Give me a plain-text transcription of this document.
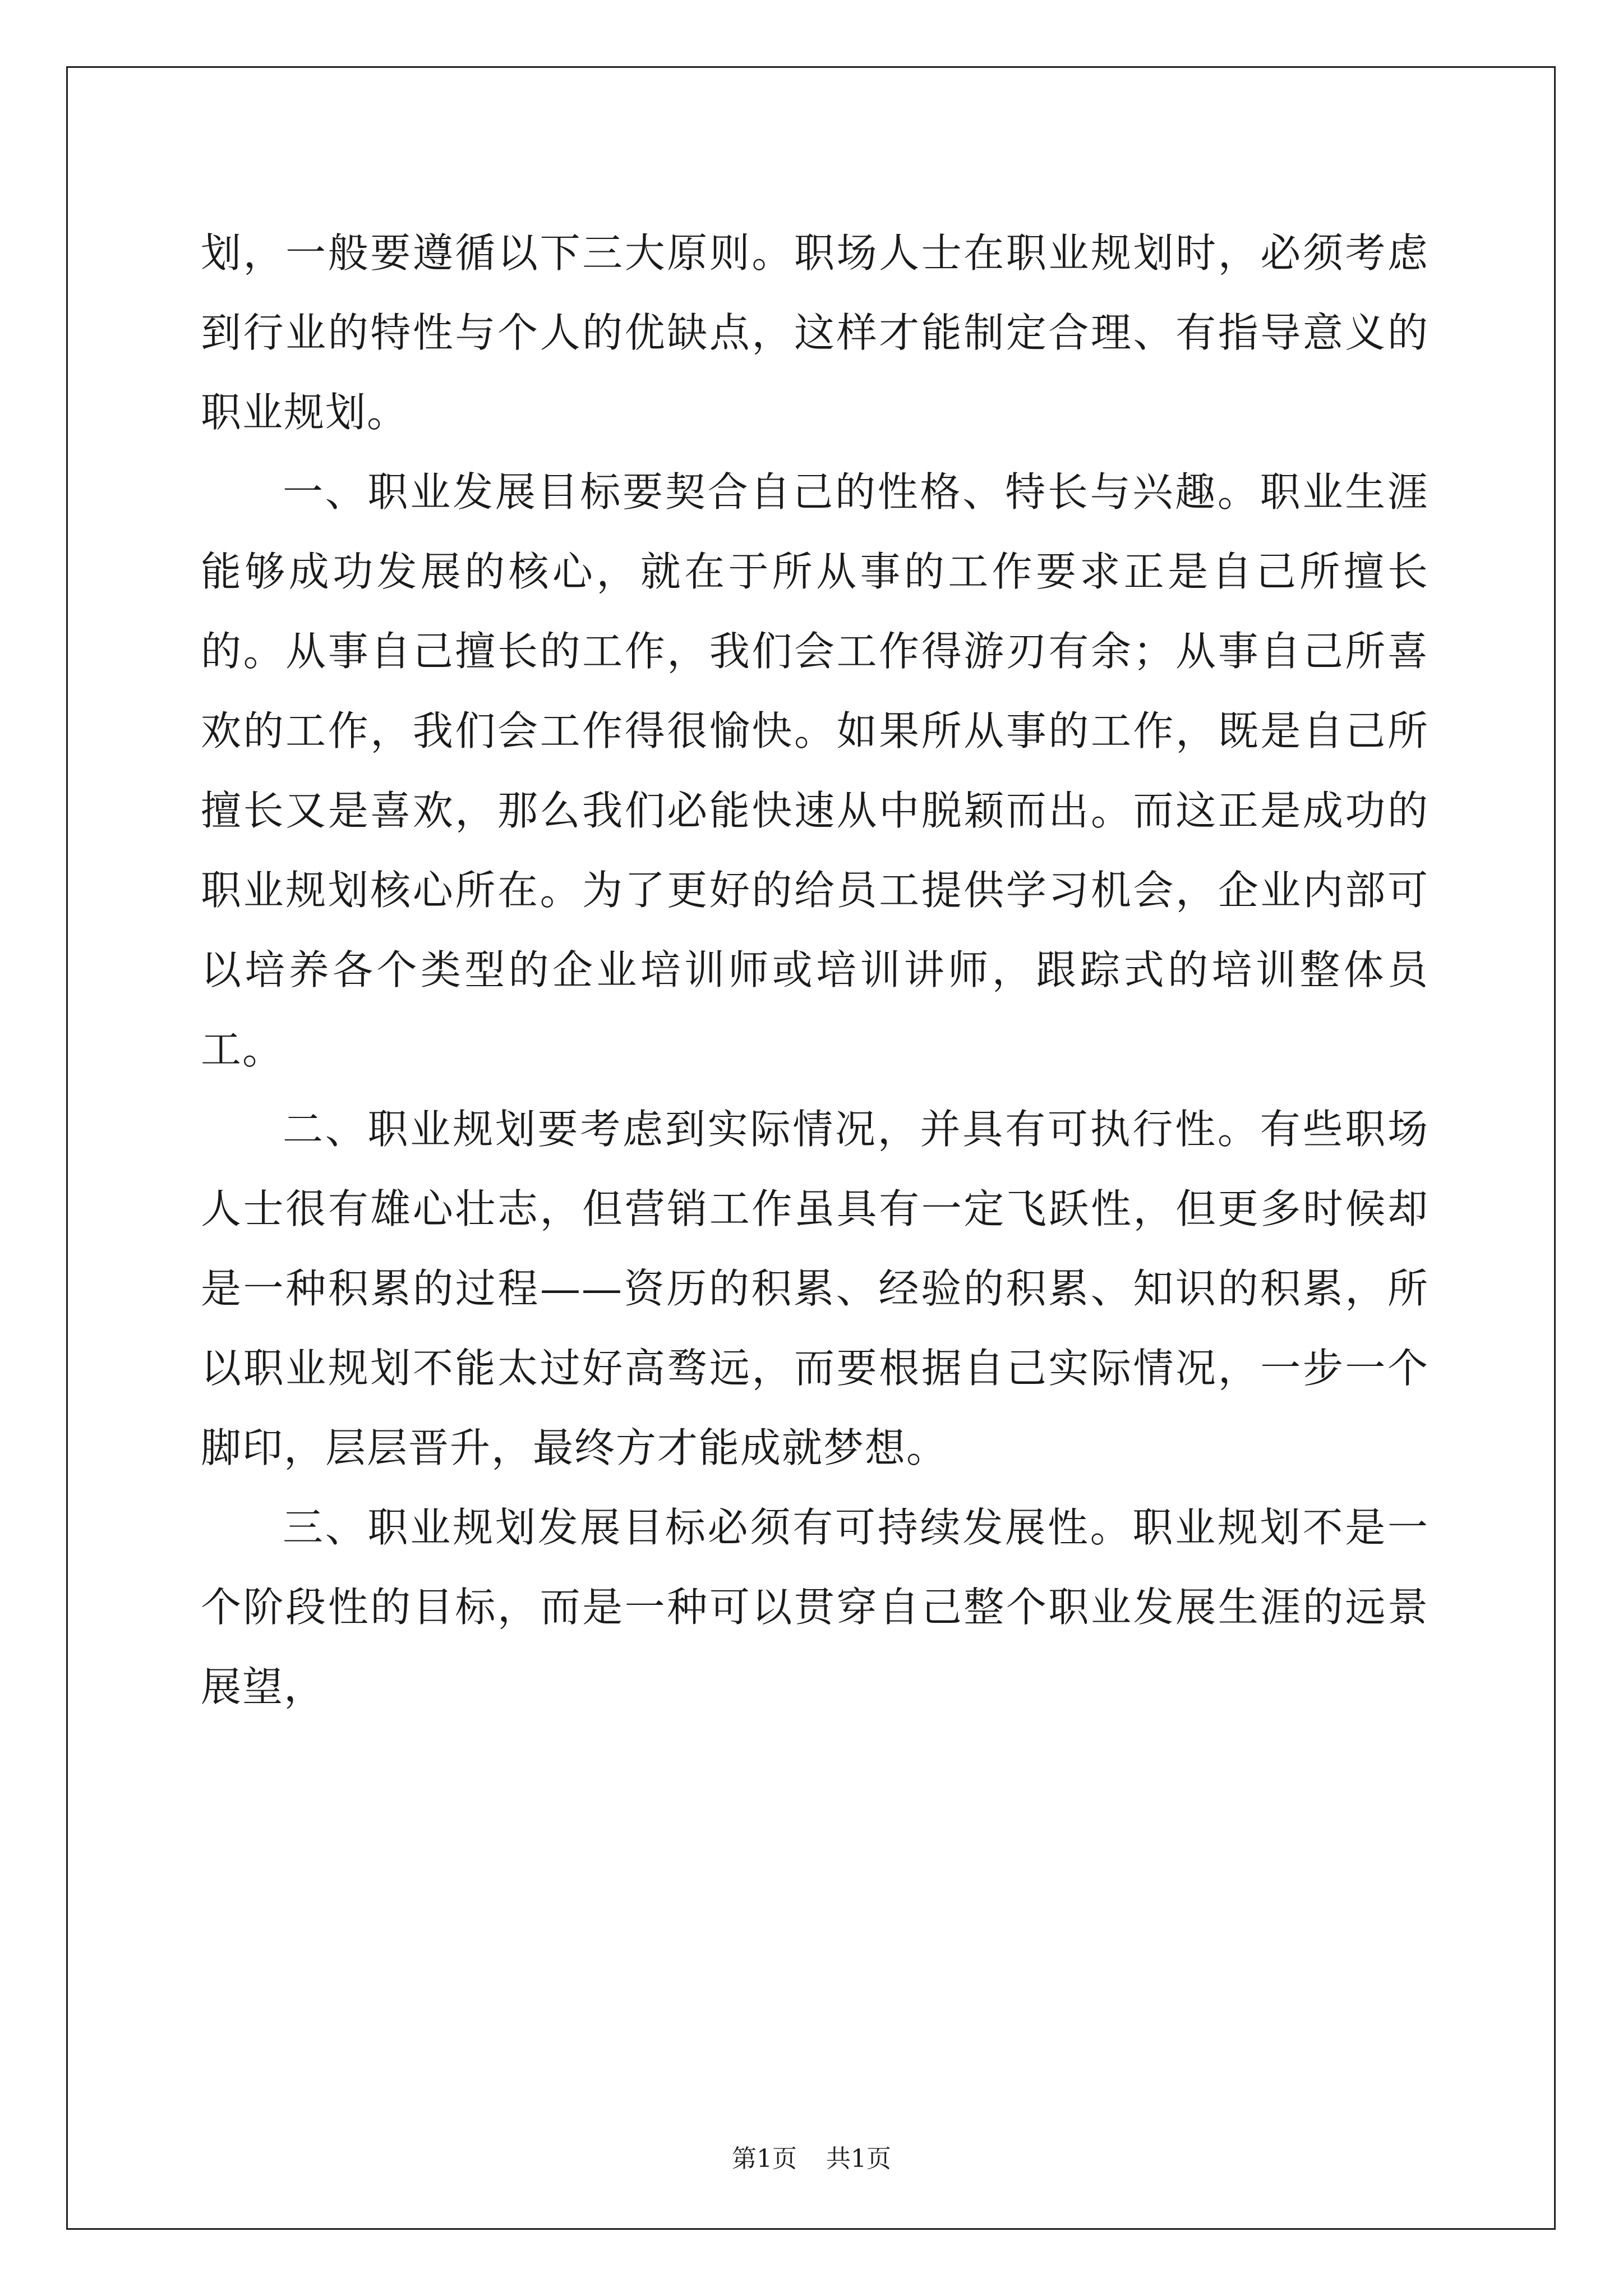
划，一般要遵循以下三大原则。职场人士在职业规划时，必须考虑到行业的特性与个人的优缺点，这样才能制定合理、有指导意义的职业规划。

一、职业发展目标要契合自己的性格、特长与兴趣。职业生涯能够成功发展的核心，就在于所从事的工作要求正是自己所擅长的。从事自己擅长的工作，我们会工作得游刃有余；从事自己所喜欢的工作，我们会工作得很愉快。如果所从事的工作，既是自己所擅长又是喜欢，那么我们必能快速从中脱颖而出。而这正是成功的职业规划核心所在。为了更好的给员工提供学习机会，企业内部可以培养各个类型的企业培训师或培训讲师，跟踪式的培训整体员工。

二、职业规划要考虑到实际情况，并具有可执行性。有些职场人士很有雄心壮志，但营销工作虽具有一定飞跃性，但更多时候却是一种积累的过程——资历的积累、经验的积累、知识的积累，所以职业规划不能太过好高骛远，而要根据自己实际情况，一步一个脚印，层层晋升，最终方才能成就梦想。

三、职业规划发展目标必须有可持续发展性。职业规划不是一个阶段性的目标，而是一种可以贯穿自己整个职业发展生涯的远景展望，

第1页 共1页
